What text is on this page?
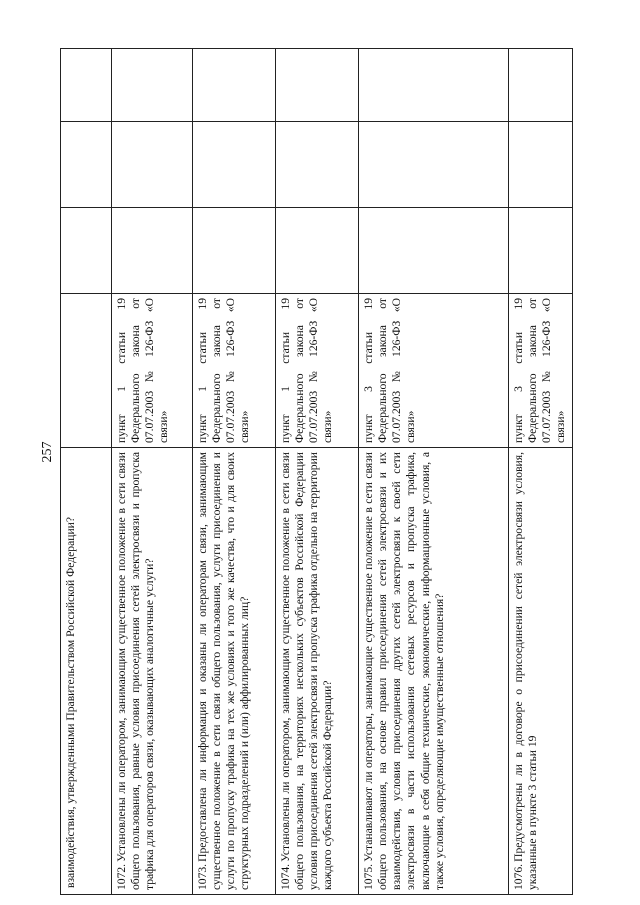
257
взаимодействия, утвержденными Правительством Российской Федерации?				
1072.Установлены ли оператором, занимающим существенное положение в сети связи общего пользования, равные условия присоединения сетей электросвязи и пропуска трафика для операторов связи, оказывающих аналогичные услуги?	пункт 1 статьи 19 Федерального закона от 07.07.2003 № 126-ФЗ «О связи»			
1073.Предоставлена ли информация и оказаны ли операторам связи, занимающим существенное положение в сети связи общего пользования, услуги присоединения и услуги по пропуску трафика на тех же условиях и того же качества, что и для своих структурных подразделений и (или) аффилированных лиц?	пункт 1 статьи 19 Федерального закона от 07.07.2003 № 126-ФЗ «О связи»			
1074.Установлены ли оператором, занимающим существенное положение в сети связи общего пользования, на территориях нескольких субъектов Российской Федерации условия присоединения сетей электросвязи и пропуска трафика отдельно на территории каждого субъекта Российской Федерации?	пункт 1 статьи 19 Федерального закона от 07.07.2003 № 126-ФЗ «О связи»			
1075.Устанавливают ли операторы, занимающие существенное положение в сети связи общего пользования, на основе правил присоединения сетей электросвязи и их взаимодействия, условия присоединения других сетей электросвязи к своей сети электросвязи в части использования сетевых ресурсов и пропуска трафика, включающие в себя общие технические, экономические, информационные условия, а также условия, определяющие имущественные отношения?	пункт 3 статьи 19 Федерального закона от 07.07.2003 № 126-ФЗ «О связи»			
1076.Предусмотрены ли в договоре о присоединении сетей электросвязи условия, указанные в пункте 3 статьи 19	пункт 3 статьи 19 Федерального закона от 07.07.2003 № 126-ФЗ «О связи»			
